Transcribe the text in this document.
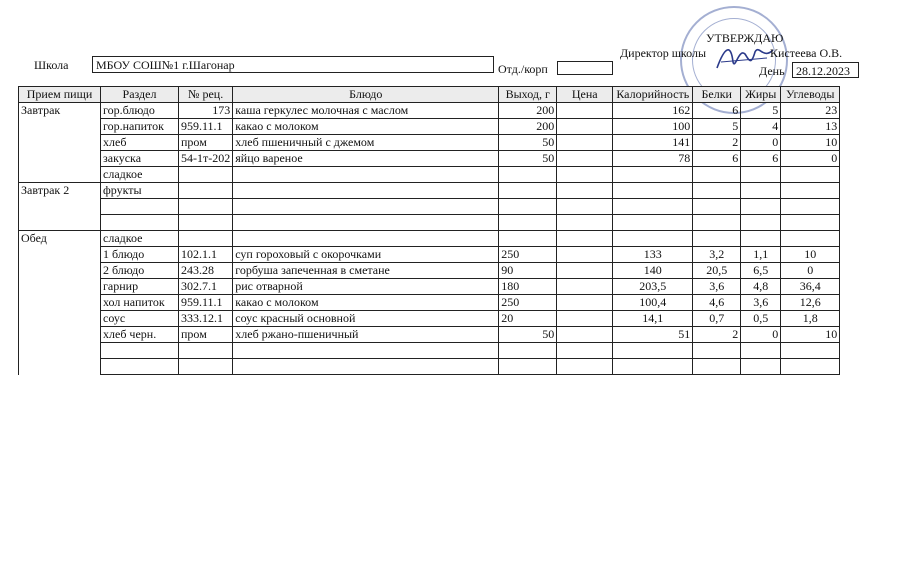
УТВЕРЖДАЮ
Директор школы	Кистеева О.В.
Школа	МБОУ СОШ№1 г.Шагонар	Отд./корп	День 28.12.2023
Прием пищи	Раздел	№ рец.	Блюдо	Выход, г	Цена	Калорийность	Белки	Жиры	Углеводы
Завтрак	гор.блюдо	173	каша геркулес молочная с маслом	200		162	6	5	23
	гор.напиток	959.11.1	какао с молоком	200		100	5	4	13
	хлеб	пром	хлеб пшеничный с джемом	50		141	2	0	10
	закуска	54-1т-202	яйцо вареное	50		78	6	6	0
	сладкое								
Завтрак 2	фрукты								

Обед	сладкое								
	1 блюдо	102.1.1	суп гороховый с окорочками	250		133	3,2	1,1	10
	2 блюдо	243.28	горбуша запеченная в сметане	90		140	20,5	6,5	0
	гарнир	302.7.1	рис отварной	180		203,5	3,6	4,8	36,4
	хол напиток	959.11.1	какао с молоком	250		100,4	4,6	3,6	12,6
	соус	333.12.1	соус красный основной	20		14,1	0,7	0,5	1,8
	хлеб черн.	пром	хлеб ржано-пшеничный	50		51	2	0	10
